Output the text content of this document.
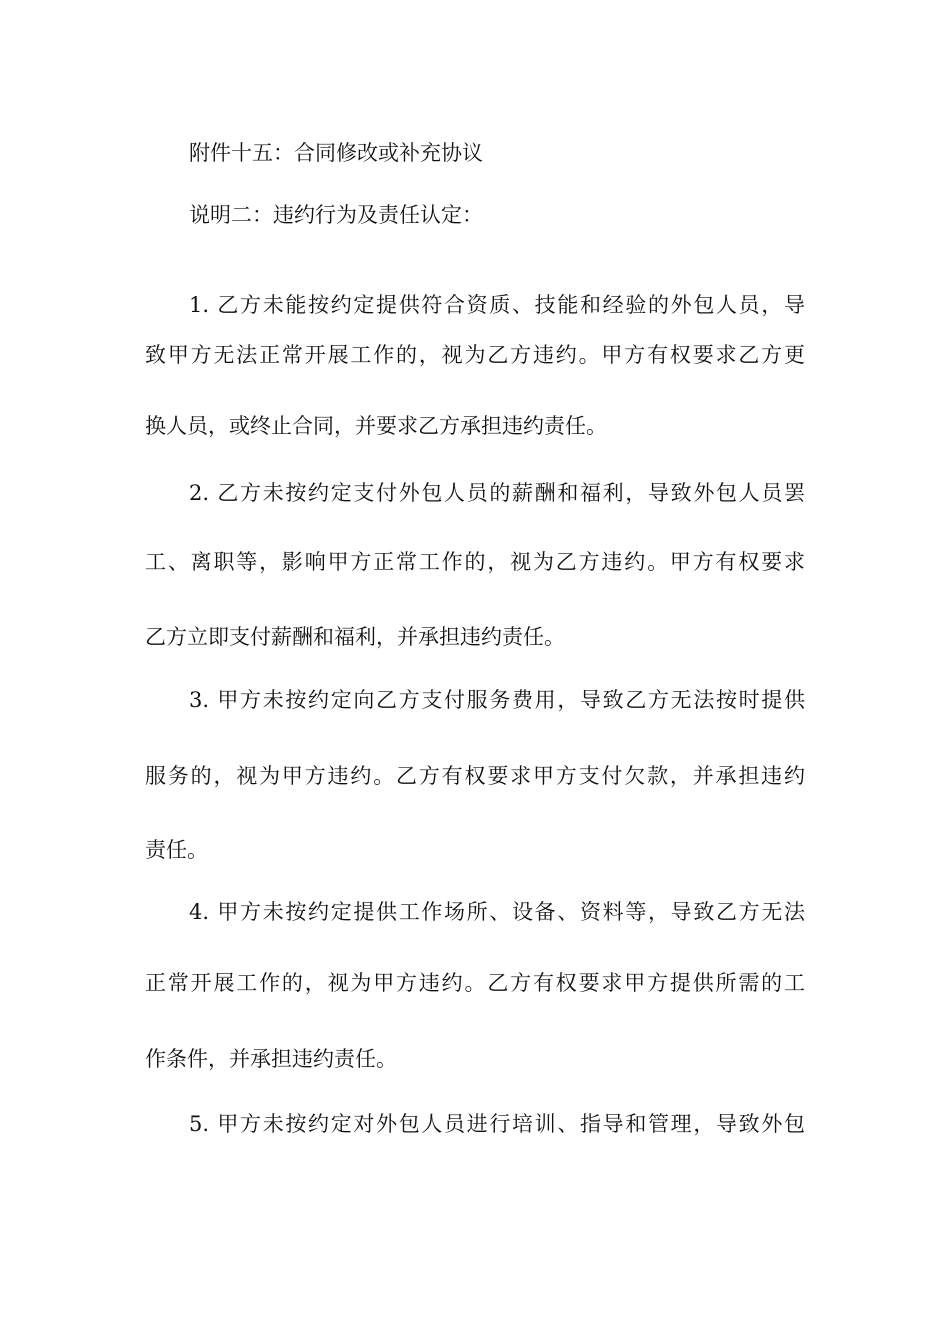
附件十五：合同修改或补充协议
说明二：违约行为及责任认定：
1. 乙方未能按约定提供符合资质、技能和经验的外包人员，导
致甲方无法正常开展工作的，视为乙方违约。甲方有权要求乙方更
换人员，或终止合同，并要求乙方承担违约责任。
2. 乙方未按约定支付外包人员的薪酬和福利，导致外包人员罢
工、离职等，影响甲方正常工作的，视为乙方违约。甲方有权要求
乙方立即支付薪酬和福利，并承担违约责任。
3. 甲方未按约定向乙方支付服务费用，导致乙方无法按时提供
服务的，视为甲方违约。乙方有权要求甲方支付欠款，并承担违约
责任。
4. 甲方未按约定提供工作场所、设备、资料等，导致乙方无法
正常开展工作的，视为甲方违约。乙方有权要求甲方提供所需的工
作条件，并承担违约责任。
5. 甲方未按约定对外包人员进行培训、指导和管理，导致外包
